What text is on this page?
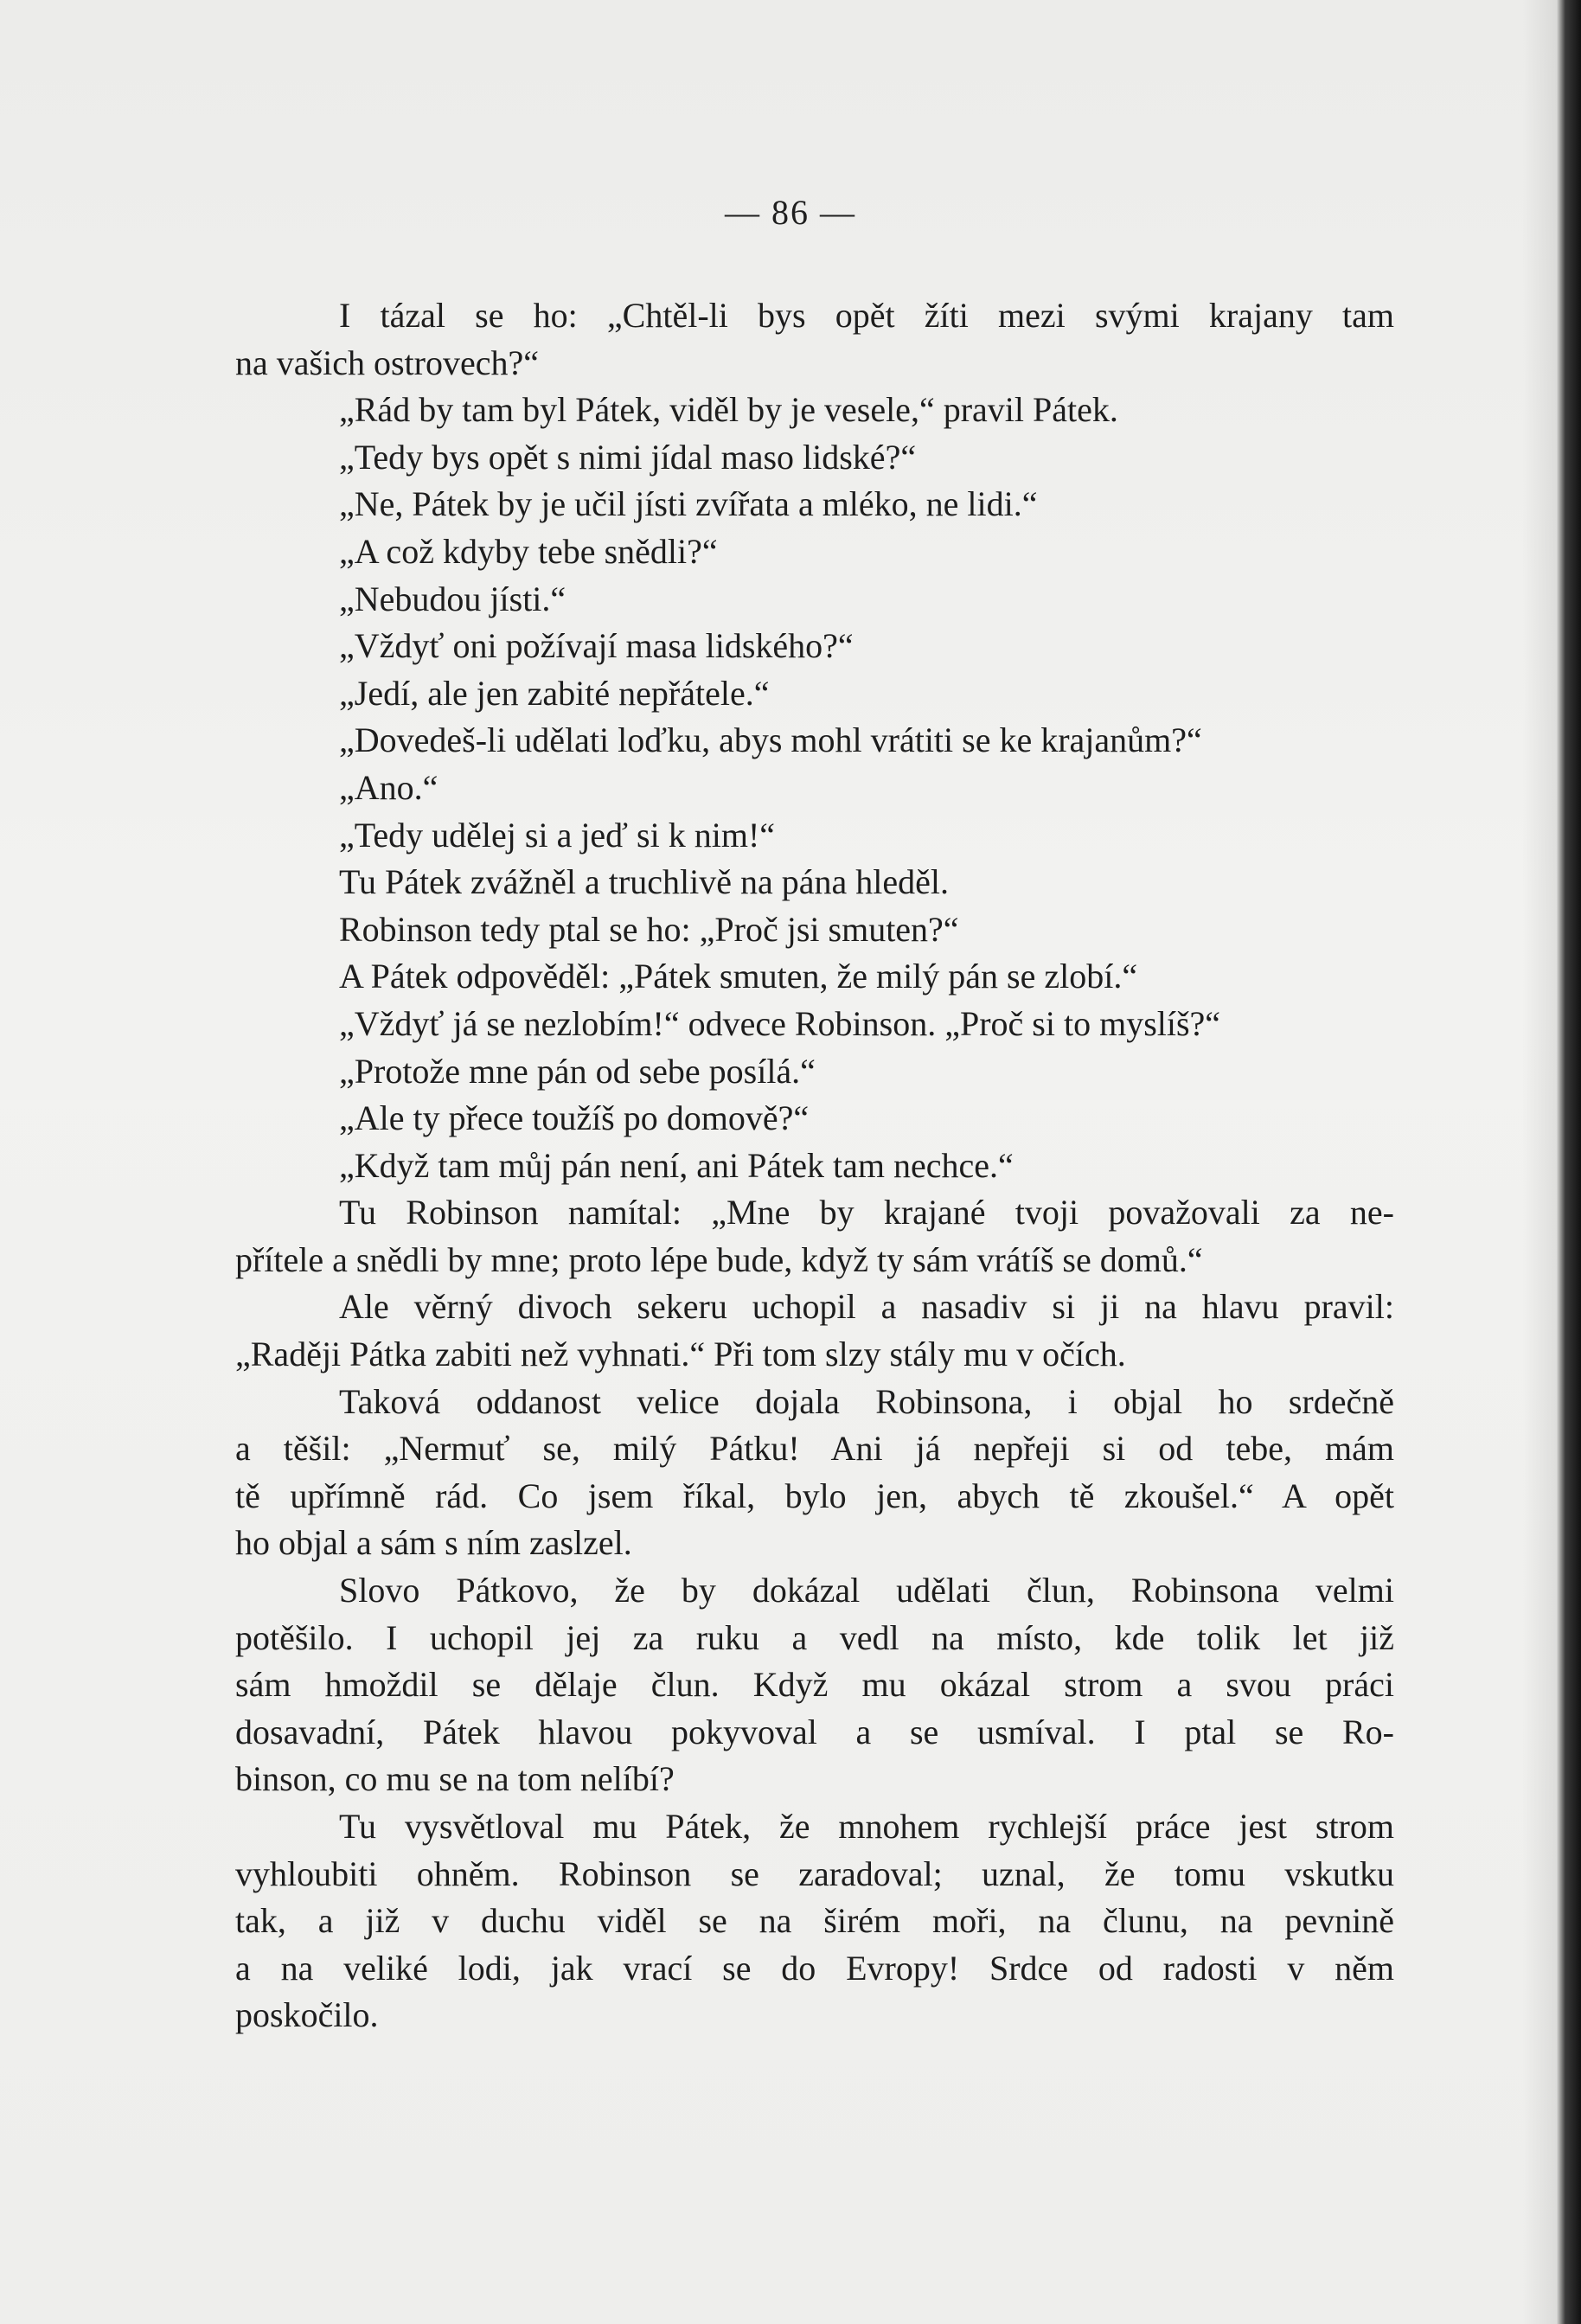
— 86 —

I tázal se ho: „Chtěl-li bys opět žíti mezi svými krajany tam

na vašich ostrovech?“

„Rád by tam byl Pátek, viděl by je vesele,“ pravil Pátek.

„Tedy bys opět s nimi jídal maso lidské?“

„Ne, Pátek by je učil jísti zvířata a mléko, ne lidi.“

„A což kdyby tebe snědli?“

„Nebudou jísti.“

„Vždyť oni požívají masa lidského?“

„Jedí, ale jen zabité nepřátele.“

„Dovedeš-li udělati loďku, abys mohl vrátiti se ke krajanům?“

„Ano.“

„Tedy udělej si a jeď si k nim!“

Tu Pátek zvážněl a truchlivě na pána hleděl.

Robinson tedy ptal se ho: „Proč jsi smuten?“

A Pátek odpověděl: „Pátek smuten, že milý pán se zlobí.“

„Vždyť já se nezlobím!“ odvece Robinson. „Proč si to myslíš?“

„Protože mne pán od sebe posílá.“

„Ale ty přece toužíš po domově?“

„Když tam můj pán není, ani Pátek tam nechce.“

Tu Robinson namítal: „Mne by krajané tvoji považovali za ne-

přítele a snědli by mne; proto lépe bude, když ty sám vrátíš se domů.“

Ale věrný divoch sekeru uchopil a nasadiv si ji na hlavu pravil:

„Raději Pátka zabiti než vyhnati.“ Při tom slzy stály mu v očích.

Taková oddanost velice dojala Robinsona, i objal ho srdečně

a těšil: „Nermuť se, milý Pátku! Ani já nepřeji si od tebe, mám

tě upřímně rád. Co jsem říkal, bylo jen, abych tě zkoušel.“ A opět

ho objal a sám s ním zaslzel.

Slovo Pátkovo, že by dokázal udělati člun, Robinsona velmi

potěšilo. I uchopil jej za ruku a vedl na místo, kde tolik let již

sám hmoždil se dělaje člun. Když mu okázal strom a svou práci

dosavadní, Pátek hlavou pokyvoval a se usmíval. I ptal se Ro-

binson, co mu se na tom nelíbí?

Tu vysvětloval mu Pátek, že mnohem rychlejší práce jest strom

vyhloubiti ohněm. Robinson se zaradoval; uznal, že tomu vskutku

tak, a již v duchu viděl se na širém moři, na člunu, na pevnině

a na veliké lodi, jak vrací se do Evropy! Srdce od radosti v něm

poskočilo.
